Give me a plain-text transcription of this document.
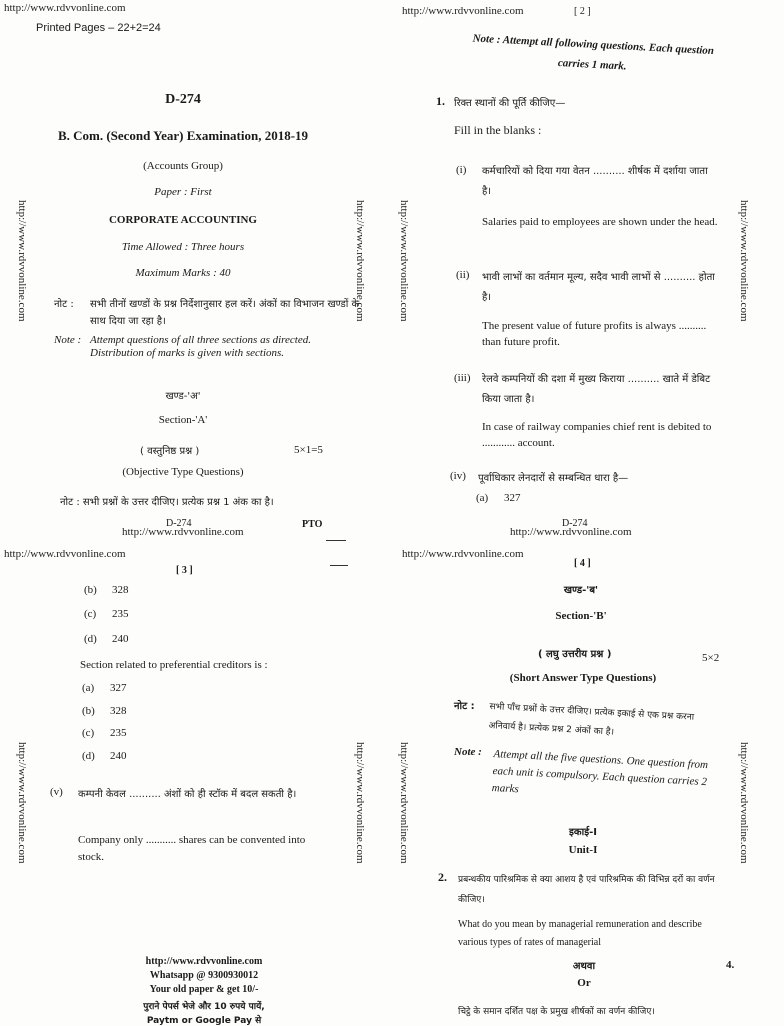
http://www.rdvvonline.com
Printed Pages – 22+2=24
http://www.rdvvonline.com	http://www.rdvvonline.com
D-274
B. Com. (Second Year) Examination, 2018-19
(Accounts Group)
Paper : First
CORPORATE ACCOUNTING
Time Allowed : Three hours
Maximum Marks : 40
नोट : सभी तीनों खण्डों के प्रश्न निर्देशानुसार हल करें। अंकों का विभाजन खण्डों के साथ दिया जा रहा है।
Note : Attempt questions of all three sections as directed. Distribution of marks is given with sections.
खण्ड-'अ'
Section-'A'
( वस्तुनिष्ठ प्रश्न )	5×1=5
(Objective Type Questions)
नोट : सभी प्रश्नों के उत्तर दीजिए। प्रत्येक प्रश्न 1 अंक का है।
D-274	PTO
http://www.rdvvonline.com	[ 2 ]
http://www.rdvvonline.com	http://www.rdvvonline.com
Note : Attempt all following questions. Each question carries 1 mark.
1. रिक्त स्थानों की पूर्ति कीजिए—
Fill in the blanks :
(i) कर्मचारियों को दिया गया वेतन .......... शीर्षक में दर्शाया जाता है।
Salaries paid to employees are shown under the head.
(ii) भावी लाभों का वर्तमान मूल्य, सदैव भावी लाभों से .......... होता है।
The present value of future profits is always .......... than future profit.
(iii) रेलवे कम्पनियों की दशा में मुख्य किराया .......... खाते में डेबिट किया जाता है।
In case of railway companies chief rent is debited to ............ account.
(iv) पूर्वाधिकार लेनदारों से सम्बन्धित धारा है—
(a) 327
D-274
http://www.rdvvonline.com	http://www.rdvvonline.com
http://www.rdvvonline.com
[ 3 ]
http://www.rdvvonline.com	http://www.rdvvonline.com
(b) 328
(c) 235
(d) 240
Section related to preferential creditors is :
(a) 327
(b) 328
(c) 235
(d) 240
(v) कम्पनी केवल .......... अंशों को ही स्टॉक में बदल सकती है।
Company only ........... shares can be convented into stock.
http://www.rdvvonline.com
Whatsapp @ 9300930012
Your old paper & get 10/-
पुराने पेपर्स भेजे और 10 रुपये पायें,
Paytm or Google Pay से
http://www.rdvvonline.com
[ 4 ]
http://www.rdvvonline.com	http://www.rdvvonline.com
खण्ड-'ब'
Section-'B'
( लघु उत्तरीय प्रश्न )	5×2
(Short Answer Type Questions)
नोट : सभी पाँच प्रश्नों के उत्तर दीजिए। प्रत्येक इकाई से एक प्रश्न करना अनिवार्य है। प्रत्येक प्रश्न 2 अंकों का है।
Note : Attempt all the five questions. One question from each unit is compulsory. Each question carries 2 marks
इकाई-I
Unit-I
2. प्रबन्धकीय पारिश्रमिक से क्या आशय है एवं पारिश्रमिक की विभिन्न दरों का वर्णन कीजिए।
What do you mean by managerial remuneration and describe various types of rates of managerial
अथवा	4.
Or
चिट्ठे के समान दर्शित पक्ष के प्रमुख शीर्षकों का वर्णन कीजिए।
